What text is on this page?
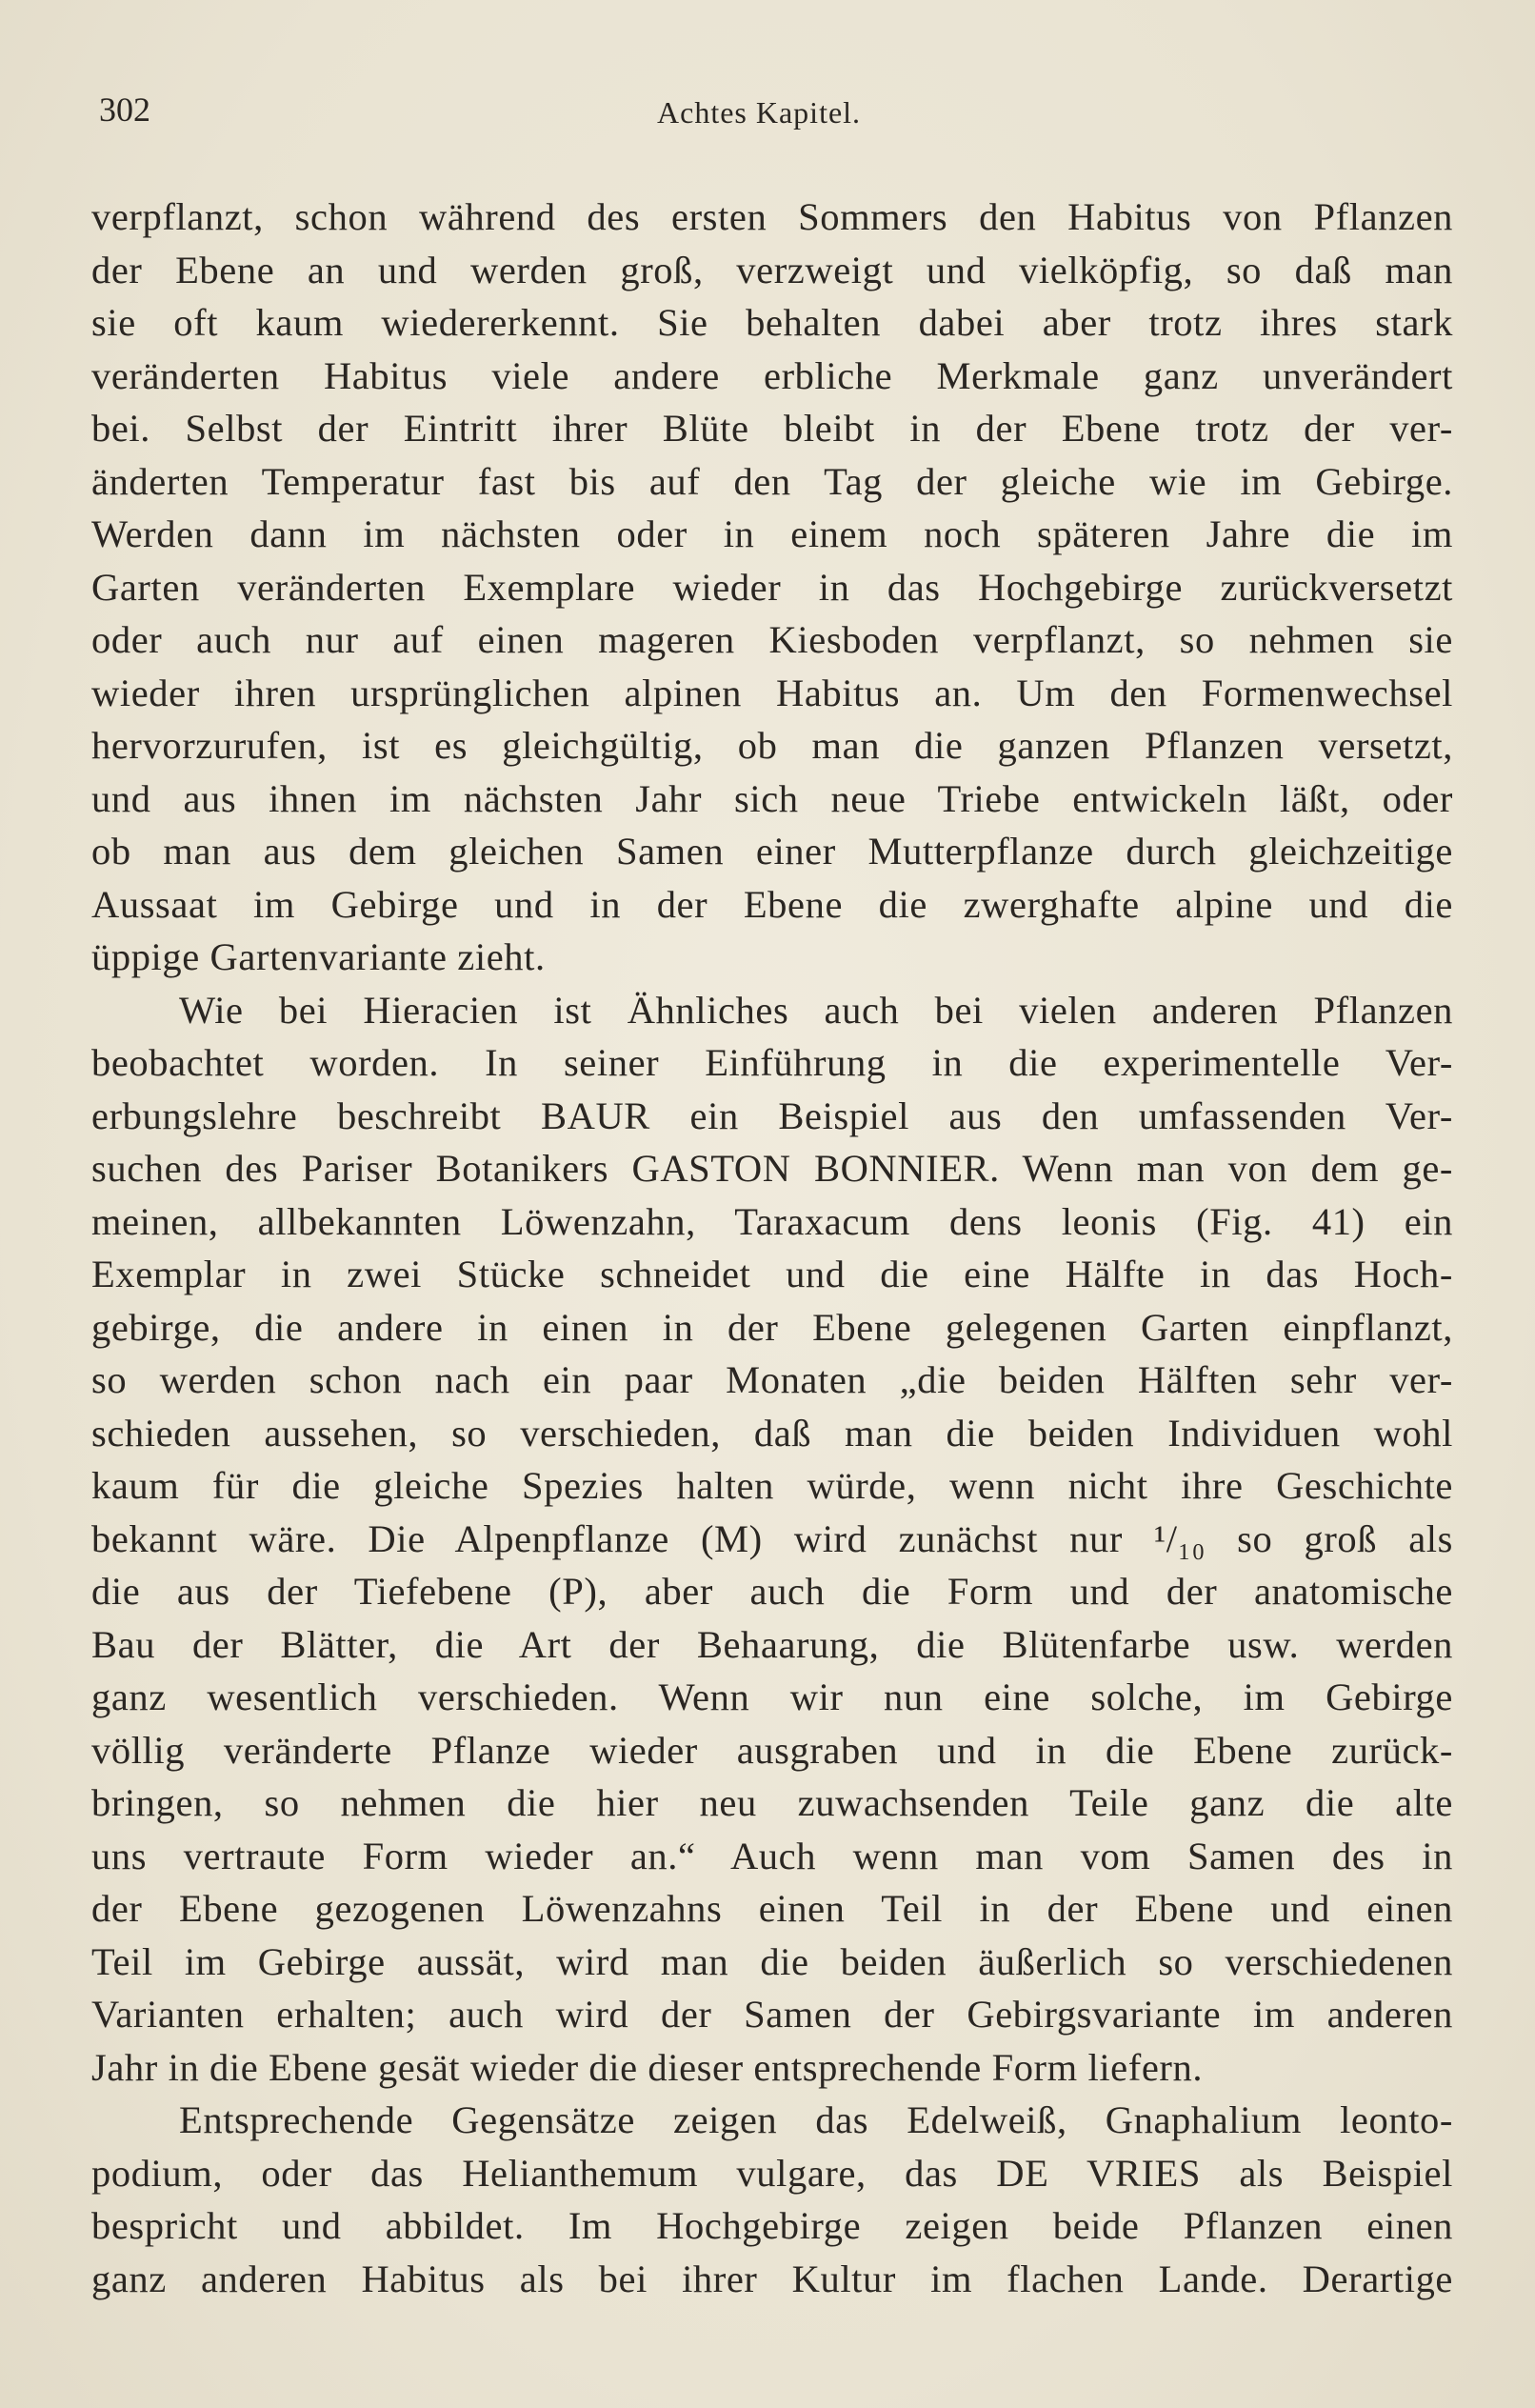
302	Achtes Kapitel.
verpflanzt, schon während des ersten Sommers den Habitus von Pflanzen
der Ebene an und werden groß, verzweigt und vielköpfig, so daß man
sie oft kaum wiedererkennt. Sie behalten dabei aber trotz ihres stark
veränderten Habitus viele andere erbliche Merkmale ganz unverändert
bei. Selbst der Eintritt ihrer Blüte bleibt in der Ebene trotz der ver-
änderten Temperatur fast bis auf den Tag der gleiche wie im Gebirge.
Werden dann im nächsten oder in einem noch späteren Jahre die im
Garten veränderten Exemplare wieder in das Hochgebirge zurückversetzt
oder auch nur auf einen mageren Kiesboden verpflanzt, so nehmen sie
wieder ihren ursprünglichen alpinen Habitus an. Um den Formenwechsel
hervorzurufen, ist es gleichgültig, ob man die ganzen Pflanzen versetzt,
und aus ihnen im nächsten Jahr sich neue Triebe entwickeln läßt, oder
ob man aus dem gleichen Samen einer Mutterpflanze durch gleichzeitige
Aussaat im Gebirge und in der Ebene die zwerghafte alpine und die
üppige Gartenvariante zieht.
Wie bei Hieracien ist Ähnliches auch bei vielen anderen Pflanzen
beobachtet worden. In seiner Einführung in die experimentelle Ver-
erbungslehre beschreibt BAUR ein Beispiel aus den umfassenden Ver-
suchen des Pariser Botanikers GASTON BONNIER. Wenn man von dem ge-
meinen, allbekannten Löwenzahn, Taraxacum dens leonis (Fig. 41) ein
Exemplar in zwei Stücke schneidet und die eine Hälfte in das Hoch-
gebirge, die andere in einen in der Ebene gelegenen Garten einpflanzt,
so werden schon nach ein paar Monaten „die beiden Hälften sehr ver-
schieden aussehen, so verschieden, daß man die beiden Individuen wohl
kaum für die gleiche Spezies halten würde, wenn nicht ihre Geschichte
bekannt wäre. Die Alpenpflanze (M) wird zunächst nur ¹/₁₀ so groß als
die aus der Tiefebene (P), aber auch die Form und der anatomische
Bau der Blätter, die Art der Behaarung, die Blütenfarbe usw. werden
ganz wesentlich verschieden. Wenn wir nun eine solche, im Gebirge
völlig veränderte Pflanze wieder ausgraben und in die Ebene zurück-
bringen, so nehmen die hier neu zuwachsenden Teile ganz die alte
uns vertraute Form wieder an.“ Auch wenn man vom Samen des in
der Ebene gezogenen Löwenzahns einen Teil in der Ebene und einen
Teil im Gebirge aussät, wird man die beiden äußerlich so verschiedenen
Varianten erhalten; auch wird der Samen der Gebirgsvariante im anderen
Jahr in die Ebene gesät wieder die dieser entsprechende Form liefern.
Entsprechende Gegensätze zeigen das Edelweiß, Gnaphalium leonto-
podium, oder das Helianthemum vulgare, das DE VRIES als Beispiel
bespricht und abbildet. Im Hochgebirge zeigen beide Pflanzen einen
ganz anderen Habitus als bei ihrer Kultur im flachen Lande. Derartige
